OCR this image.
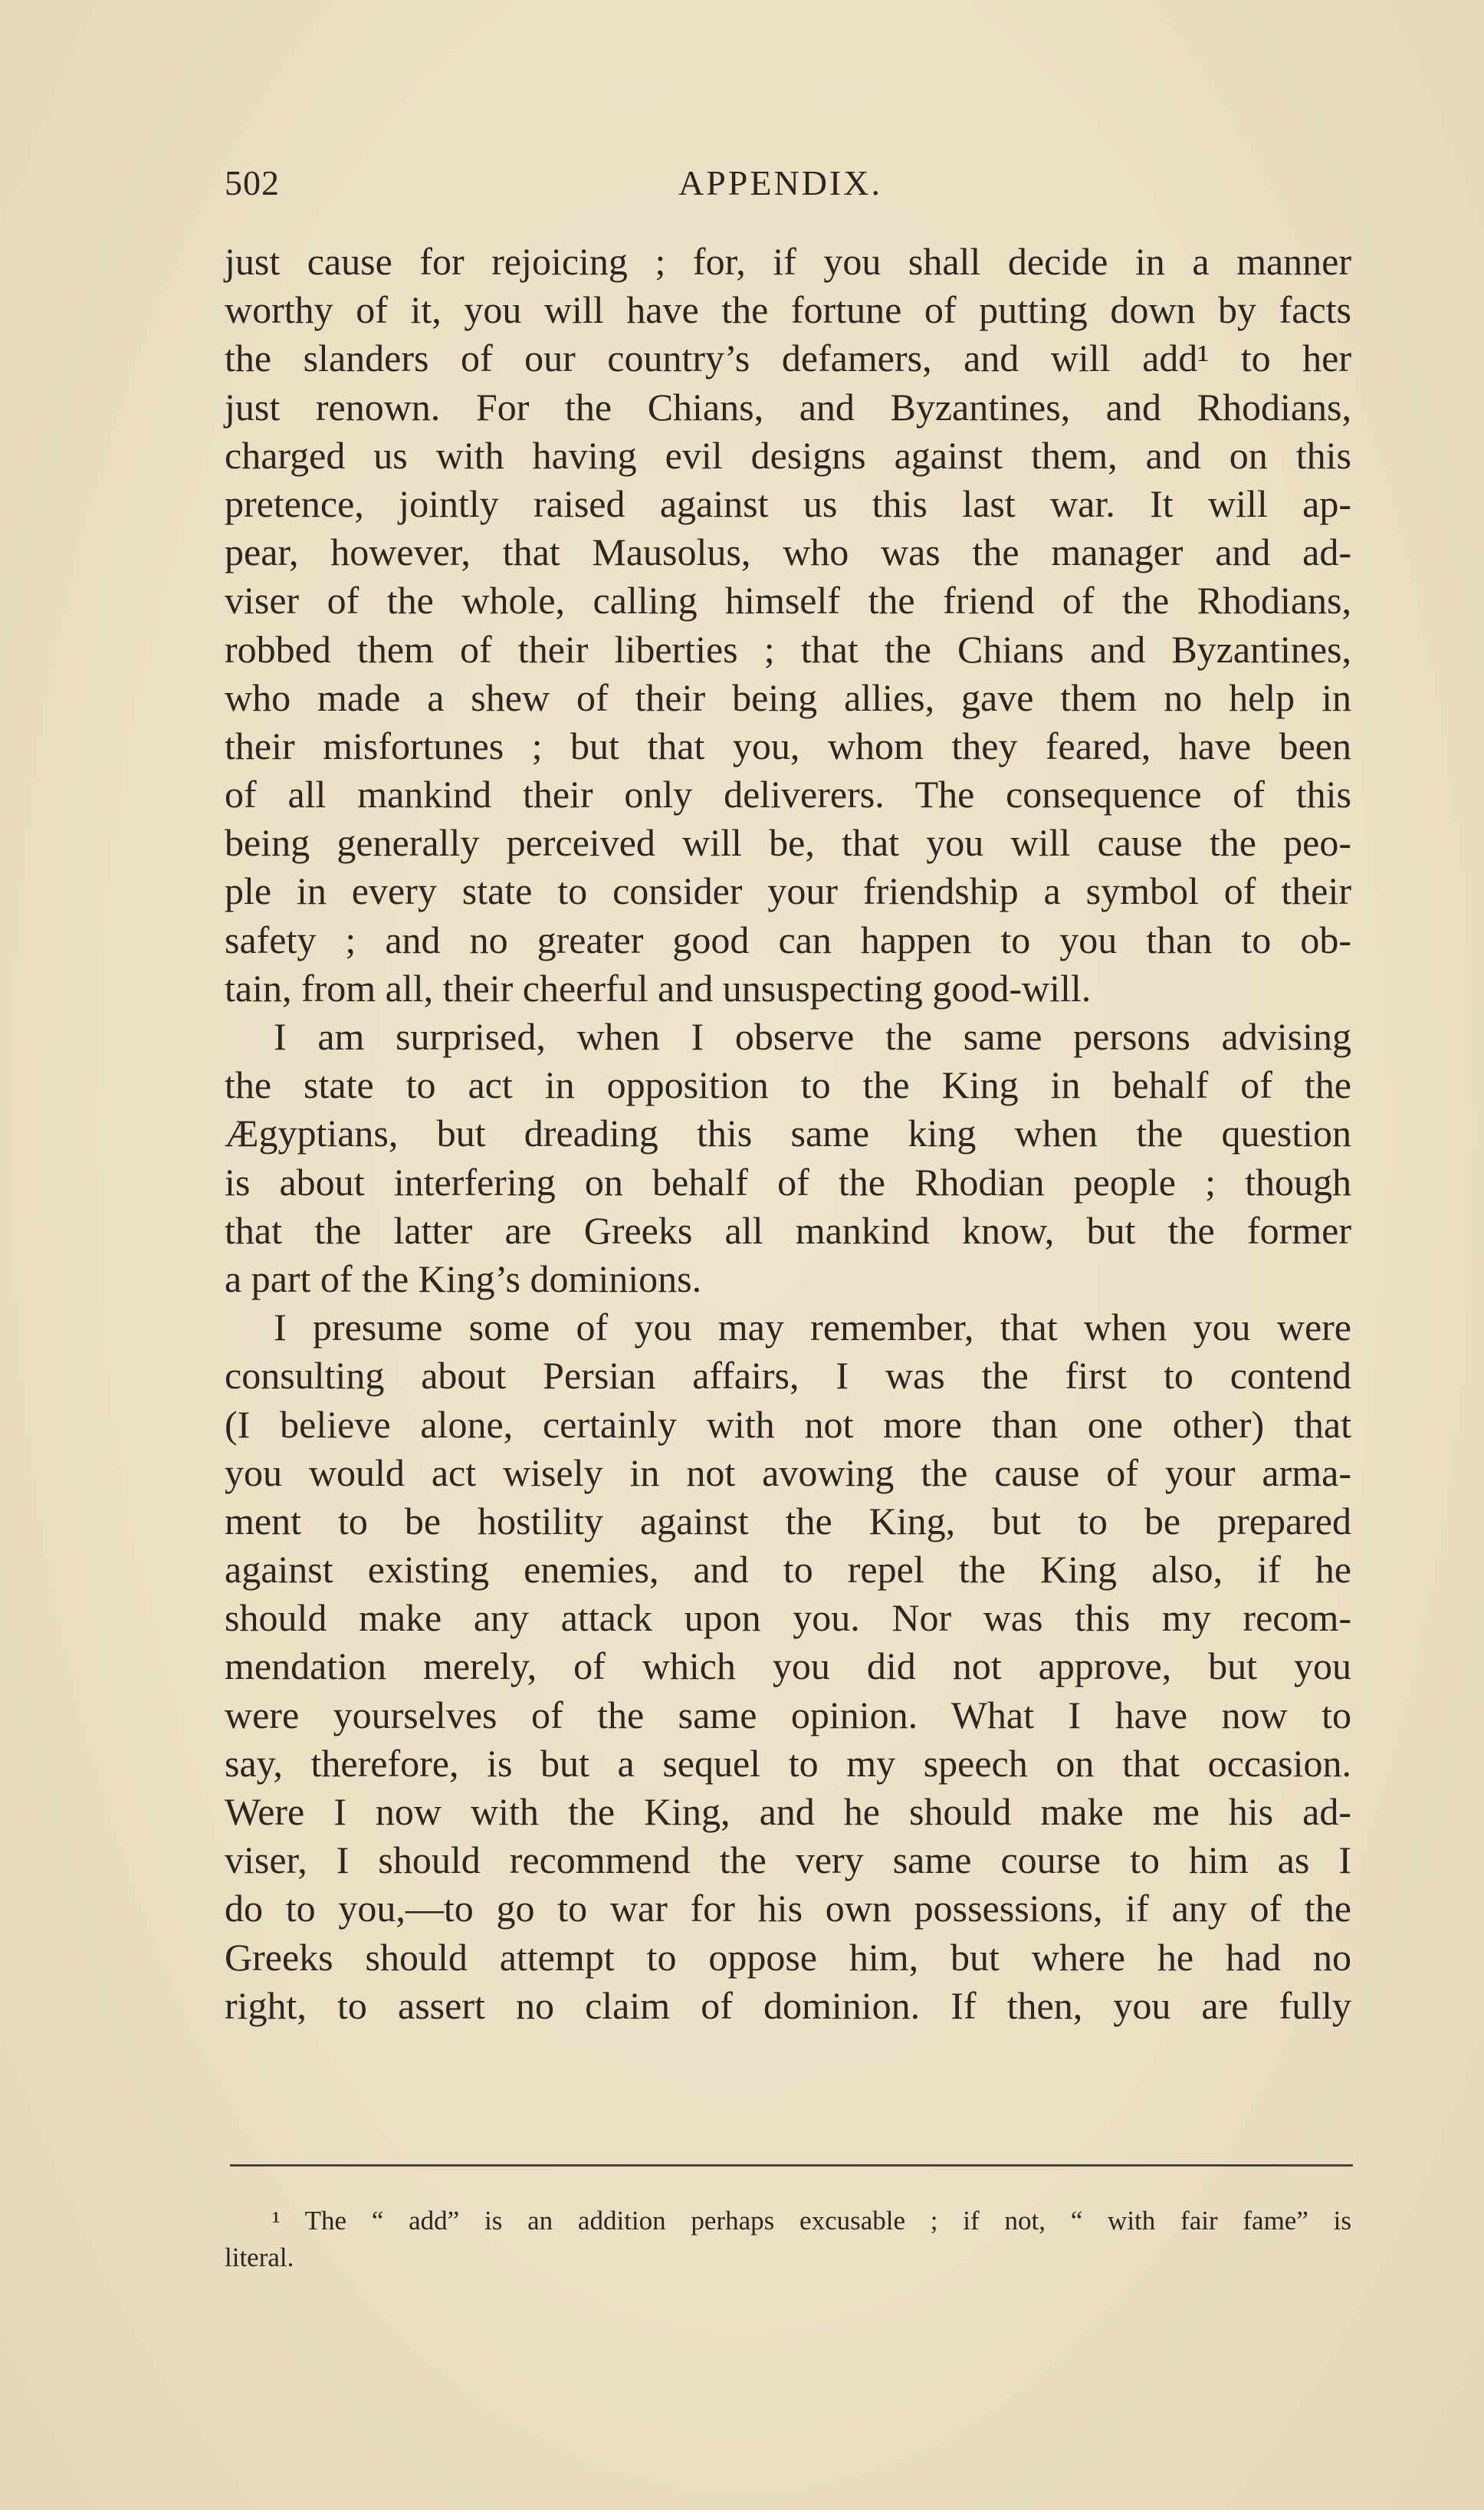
502	APPENDIX.
just cause for rejoicing ; for, if you shall decide in a manner
worthy of it, you will have the fortune of putting down by facts
the slanders of our country’s defamers, and will add¹ to her
just renown. For the Chians, and Byzantines, and Rhodians,
charged us with having evil designs against them, and on this
pretence, jointly raised against us this last war. It will ap-
pear, however, that Mausolus, who was the manager and ad-
viser of the whole, calling himself the friend of the Rhodians,
robbed them of their liberties ; that the Chians and Byzantines,
who made a shew of their being allies, gave them no help in
their misfortunes ; but that you, whom they feared, have been
of all mankind their only deliverers. The consequence of this
being generally perceived will be, that you will cause the peo-
ple in every state to consider your friendship a symbol of their
safety ; and no greater good can happen to you than to ob-
tain, from all, their cheerful and unsuspecting good-will.
I am surprised, when I observe the same persons advising
the state to act in opposition to the King in behalf of the
Ægyptians, but dreading this same king when the question
is about interfering on behalf of the Rhodian people ; though
that the latter are Greeks all mankind know, but the former
a part of the King’s dominions.
I presume some of you may remember, that when you were
consulting about Persian affairs, I was the first to contend
(I believe alone, certainly with not more than one other) that
you would act wisely in not avowing the cause of your arma-
ment to be hostility against the King, but to be prepared
against existing enemies, and to repel the King also, if he
should make any attack upon you. Nor was this my recom-
mendation merely, of which you did not approve, but you
were yourselves of the same opinion. What I have now to
say, therefore, is but a sequel to my speech on that occasion.
Were I now with the King, and he should make me his ad-
viser, I should recommend the very same course to him as I
do to you,—to go to war for his own possessions, if any of the
Greeks should attempt to oppose him, but where he had no
right, to assert no claim of dominion. If then, you are fully
¹ The “ add” is an addition perhaps excusable ; if not, “ with fair fame” is
literal.
